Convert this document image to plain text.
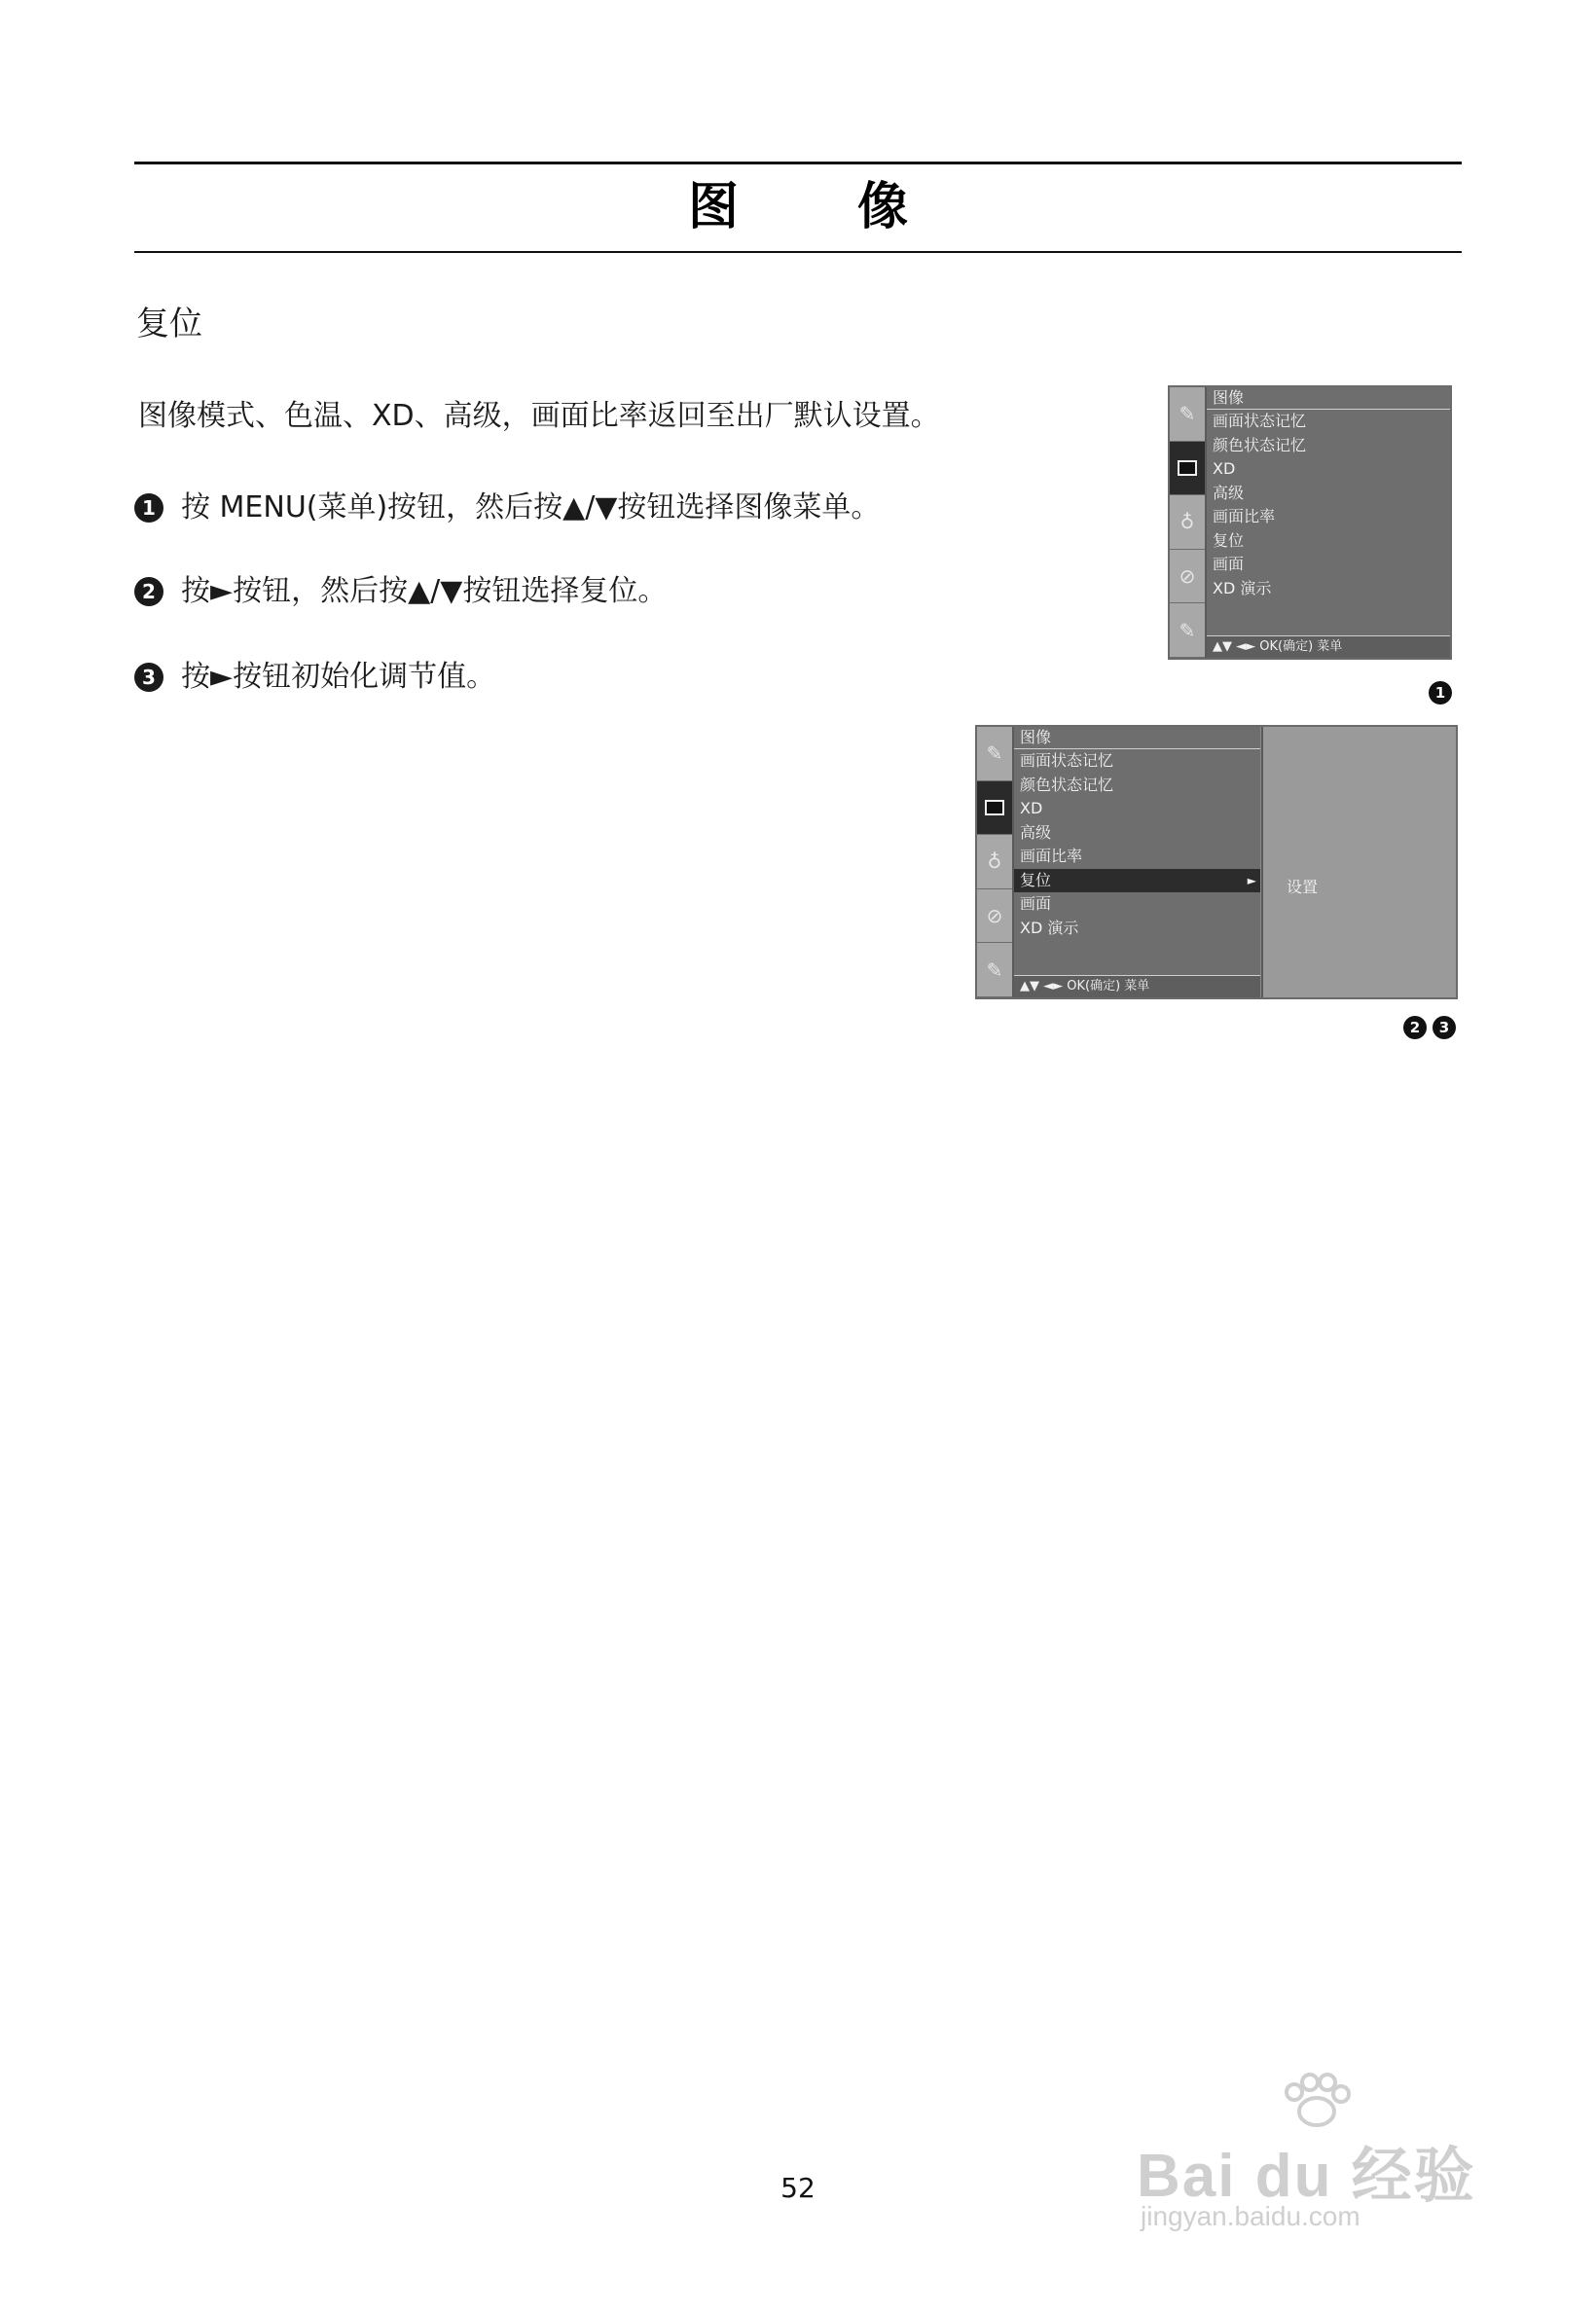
图 像
复位
图像模式、色温、XD、高级，画面比率返回至出厂默认设置。
1 按 MENU(菜单)按钮，然后按▲/▼按钮选择图像菜单。
2 按►按钮，然后按▲/▼按钮选择复位。
3 按►按钮初始化调节值。
✎
♁
⊘
✎
图像
画面状态记忆
颜色状态记忆
XD
高级
画面比率
复位
画面
XD 演示
▲▼ ◄► OK(确定) 菜单
1
✎
♁
⊘
✎
图像
画面状态记忆
颜色状态记忆
XD
高级
画面比率
复位	►
画面
XD 演示
▲▼ ◄► OK(确定) 菜单
设置
2	3
52	Bai du 经验
jingyan.baidu.com
